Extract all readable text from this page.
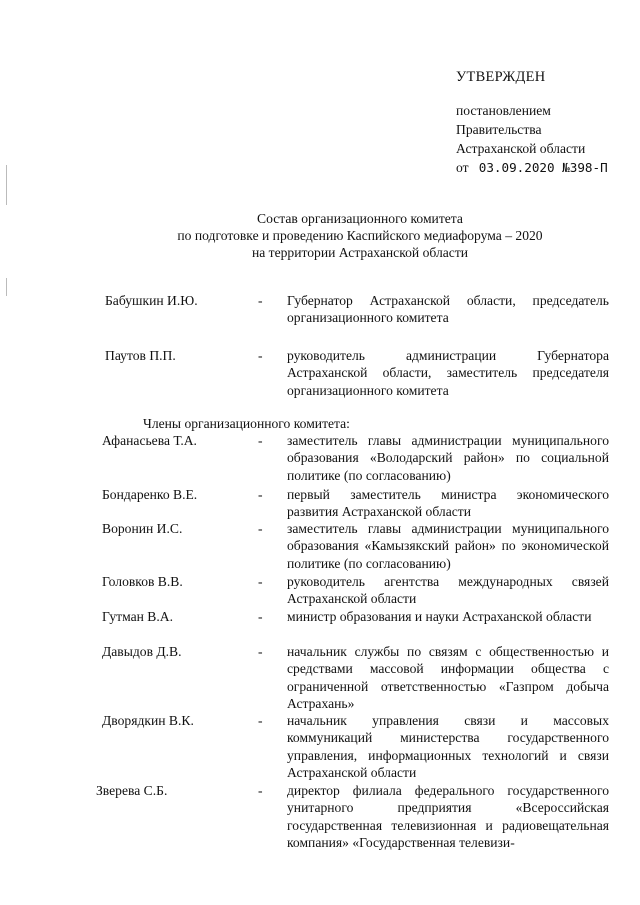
УТВЕРЖДЕН
постановлением
Правительства
Астраханской области
от 03.09.2020 №398-П
Состав организационного комитета
по подготовке и проведению Каспийского медиафорума – 2020
на территории Астраханской области
Бабушкин И.Ю.	- Губернатор Астраханской области, председатель организационного комитета
Паутов П.П.	- руководитель администрации Губернатора Астраханской области, заместитель председателя организационного комитета
Члены организационного комитета:
Афанасьева Т.А.	- заместитель главы администрации муниципального образования «Володарский район» по социальной политике (по согласованию)
Бондаренко В.Е.	- первый заместитель министра экономического развития Астраханской области
Воронин И.С.	- заместитель главы администрации муниципального образования «Камызякский район» по экономической политике (по согласованию)
Головков В.В.	- руководитель агентства международных связей Астраханской области
Гутман В.А.	- министр образования и науки Астраханской области
Давыдов Д.В.	- начальник службы по связям с общественностью и средствами массовой информации общества с ограниченной ответственностью «Газпром добыча Астрахань»
Дворядкин В.К.	- начальник управления связи и массовых коммуникаций министерства государственного управления, информационных технологий и связи Астраханской области
Зверева С.Б.	- директор филиала федерального государственного унитарного предприятия «Всероссийская государственная телевизионная и радиовещательная компания» «Государственная телевизи-
